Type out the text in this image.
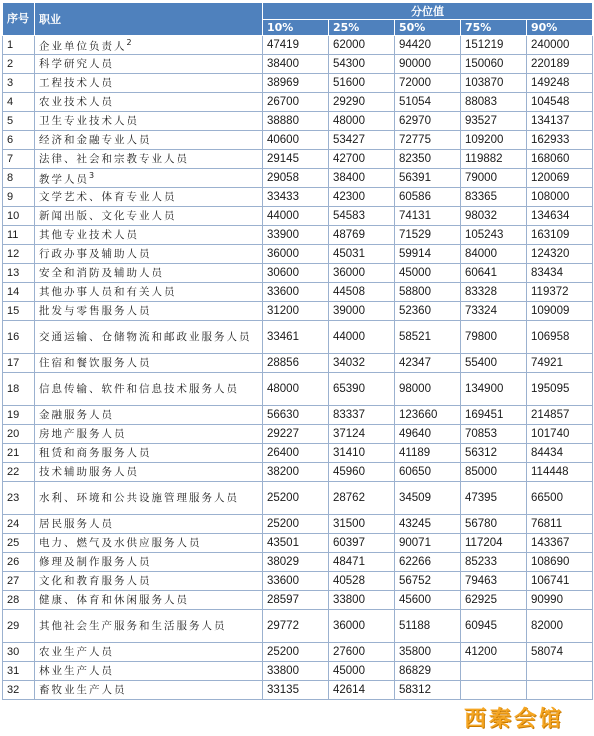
序号	职业	分位值				
		10%	25%	50%	75%	90%
1	企业单位负责人$^2$	47419	62000	94420	151219	240000
2	科学研究人员	38400	54300	90000	150060	220189
3	工程技术人员	38969	51600	72000	103870	149248
4	农业技术人员	26700	29290	51054	88083	104548
5	卫生专业技术人员	38880	48000	62970	93527	134137
6	经济和金融专业人员	40600	53427	72775	109200	162933
7	法律、社会和宗教专业人员	29145	42700	82350	119882	168060
8	教学人员$^3$	29058	38400	56391	79000	120069
9	文学艺术、体育专业人员	33433	42300	60586	83365	108000
10	新闻出版、文化专业人员	44000	54583	74131	98032	134634
11	其他专业技术人员	33900	48769	71529	105243	163109
12	行政办事及辅助人员	36000	45031	59914	84000	124320
13	安全和消防及辅助人员	30600	36000	45000	60641	83434
14	其他办事人员和有关人员	33600	44508	58800	83328	119372
15	批发与零售服务人员	31200	39000	52360	73324	109009
16	交通运输、仓储物流和邮政业服务人员	33461	44000	58521	79800	106958
17	住宿和餐饮服务人员	28856	34032	42347	55400	74921
18	信息传输、软件和信息技术服务人员	48000	65390	98000	134900	195095
19	金融服务人员	56630	83337	123660	169451	214857
20	房地产服务人员	29227	37124	49640	70853	101740
21	租赁和商务服务人员	26400	31410	41189	56312	84434
22	技术辅助服务人员	38200	45960	60650	85000	114448
23	水利、环境和公共设施管理服务人员	25200	28762	34509	47395	66500
24	居民服务人员	25200	31500	43245	56780	76811
25	电力、燃气及水供应服务人员	43501	60397	90071	117204	143367
26	修理及制作服务人员	38029	48471	62266	85233	108690
27	文化和教育服务人员	33600	40528	56752	79463	106741
28	健康、体育和休闲服务人员	28597	33800	45600	62925	90990
29	其他社会生产服务和生活服务人员	29772	36000	51188	60945	82000
30	农业生产人员	25200	27600	35800	41200	58074
31	林业生产人员	33800	45000	86829		
32	畜牧业生产人员	33135	42614	58312		
西秦会馆
